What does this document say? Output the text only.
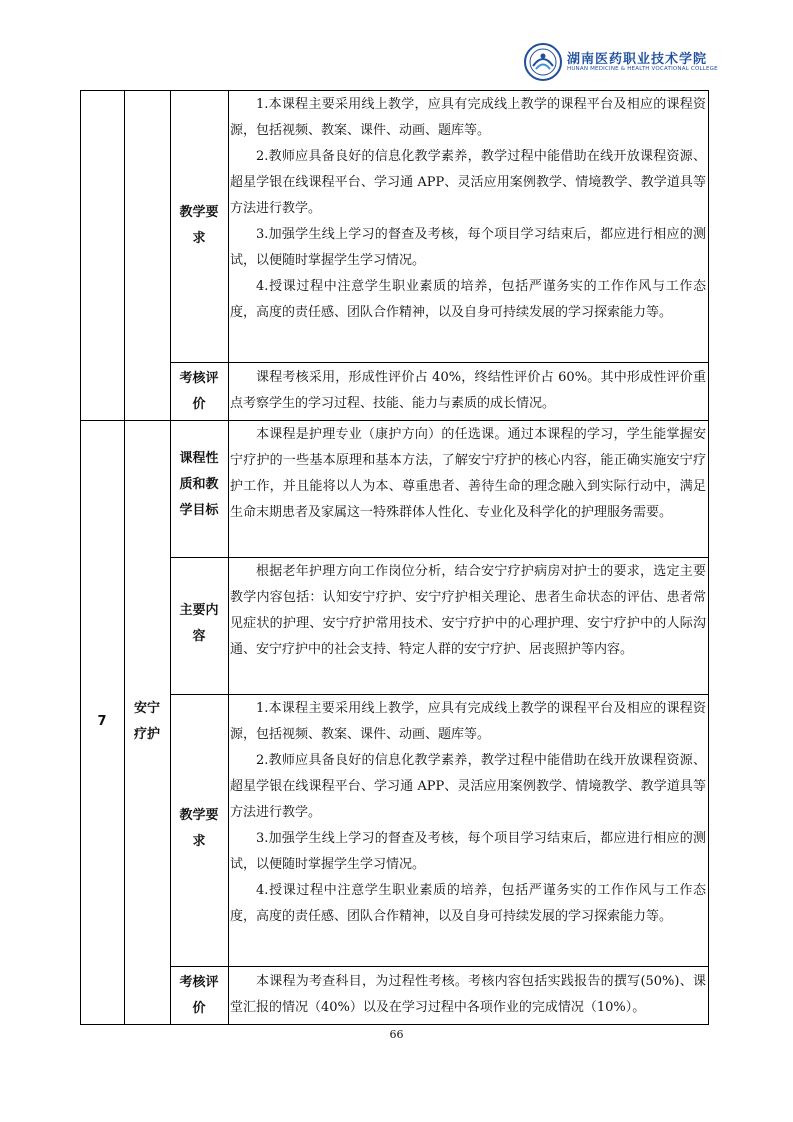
湖南医药职业技术学院
HUNAN MEDICINE & HEALTH VOCATIONAL COLLEGE
教学要
求
1.本课程主要采用线上教学，应具有完成线上教学的课程平台及相应的课程资源，包括视频、教案、课件、动画、题库等。
2.教师应具备良好的信息化教学素养，教学过程中能借助在线开放课程资源、超星学银在线课程平台、学习通 APP、灵活应用案例教学、情境教学、教学道具等方法进行教学。
3.加强学生线上学习的督查及考核，每个项目学习结束后，都应进行相应的测试，以便随时掌握学生学习情况。
4.授课过程中注意学生职业素质的培养，包括严谨务实的工作作风与工作态度，高度的责任感、团队合作精神，以及自身可持续发展的学习探索能力等。
考核评
价
课程考核采用，形成性评价占 40%，终结性评价占 60%。其中形成性评价重点考察学生的学习过程、技能、能力与素质的成长情况。
7
安宁
疗护
课程性
质和教
学目标
本课程是护理专业（康护方向）的任选课。通过本课程的学习，学生能掌握安宁疗护的一些基本原理和基本方法，了解安宁疗护的核心内容，能正确实施安宁疗护工作，并且能将以人为本、尊重患者、善待生命的理念融入到实际行动中，满足生命末期患者及家属这一特殊群体人性化、专业化及科学化的护理服务需要。
主要内
容
根据老年护理方向工作岗位分析，结合安宁疗护病房对护士的要求，选定主要教学内容包括：认知安宁疗护、安宁疗护相关理论、患者生命状态的评估、患者常见症状的护理、安宁疗护常用技术、安宁疗护中的心理护理、安宁疗护中的人际沟通、安宁疗护中的社会支持、特定人群的安宁疗护、居丧照护等内容。
教学要
求
1.本课程主要采用线上教学，应具有完成线上教学的课程平台及相应的课程资源，包括视频、教案、课件、动画、题库等。
2.教师应具备良好的信息化教学素养，教学过程中能借助在线开放课程资源、超星学银在线课程平台、学习通 APP、灵活应用案例教学、情境教学、教学道具等方法进行教学。
3.加强学生线上学习的督查及考核，每个项目学习结束后，都应进行相应的测试，以便随时掌握学生学习情况。
4.授课过程中注意学生职业素质的培养，包括严谨务实的工作作风与工作态度，高度的责任感、团队合作精神，以及自身可持续发展的学习探索能力等。
考核评
价
本课程为考查科目，为过程性考核。考核内容包括实践报告的撰写(50%)、课堂汇报的情况（40%）以及在学习过程中各项作业的完成情况（10%）。
66
